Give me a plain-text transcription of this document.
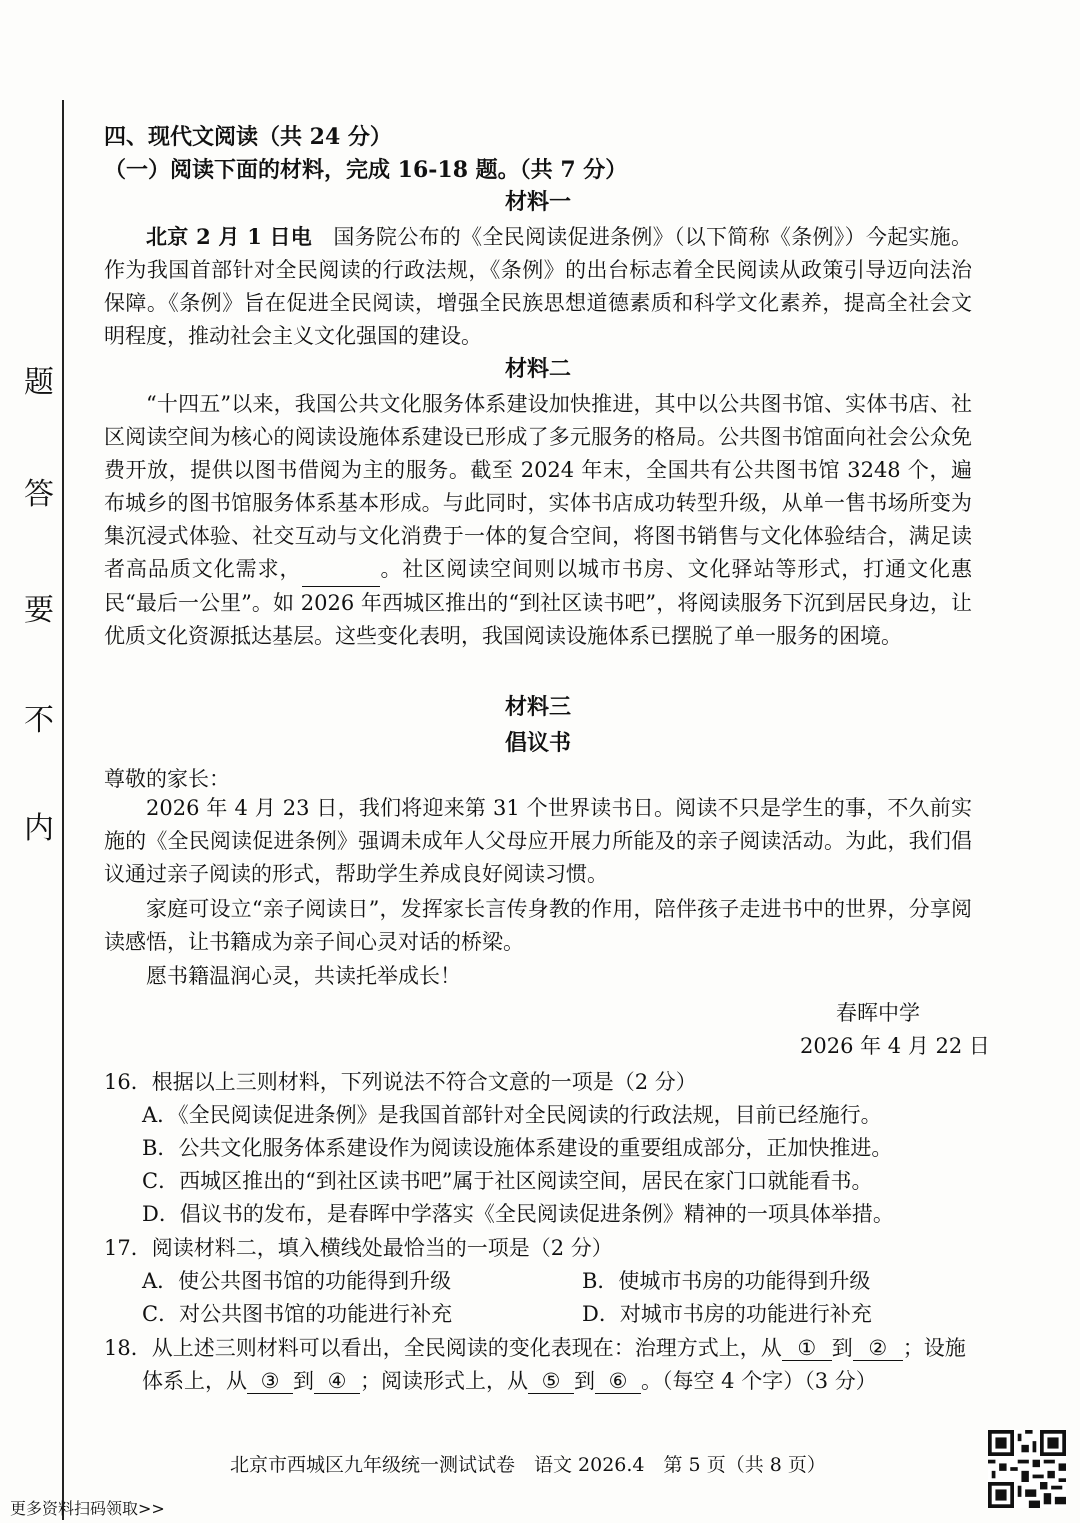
题
答
要
不
内
四、现代文阅读（共 24 分）
（一）阅读下面的材料，完成 16-18 题。（共 7 分）
材料一

北京 2 月 1 日电　 国务院公布的《全民阅读促进条例》（以下简称《条例》）今起实施。作为我国首部针对全民阅读的行政法规，《条例》的出台标志着全民阅读从政策引导迈向法治保障。《条例》旨在促进全民阅读，增强全民族思想道德素质和科学文化素养，提高全社会文明程度，推动社会主义文化强国的建设。

材料二

“十四五”以来，我国公共文化服务体系建设加快推进，其中以公共图书馆、实体书店、社区阅读空间为核心的阅读设施体系建设已形成了多元服务的格局。公共图书馆面向社会公众免费开放，提供以图书借阅为主的服务。截至 2024 年末，全国共有公共图书馆 3248 个，遍布城乡的图书馆服务体系基本形成。与此同时，实体书店成功转型升级，从单一售书场所变为集沉浸式体验、社交互动与文化消费于一体的复合空间，将图书销售与文化体验结合，满足读者高品质文化需求，	。社区阅读空间则以城市书房、文化驿站等形式，打通文化惠民“最后一公里”。如 2026 年西城区推出的“到社区读书吧”，将阅读服务下沉到居民身边，让优质文化资源抵达基层。这些变化表明，我国阅读设施体系已摆脱了单一服务的困境。

材料三
倡议书
尊敬的家长：

2026 年 4 月 23 日，我们将迎来第 31 个世界读书日。阅读不只是学生的事，不久前实施的《全民阅读促进条例》强调未成年人父母应开展力所能及的亲子阅读活动。为此，我们倡议通过亲子阅读的形式，帮助学生养成良好阅读习惯。

家庭可设立“亲子阅读日”，发挥家长言传身教的作用，陪伴孩子走进书中的世界，分享阅读感悟，让书籍成为亲子间心灵对话的桥梁。

愿书籍温润心灵，共读托举成长！

春晖中学
2026 年 4 月 22 日
16．根据以上三则材料，下列说法不符合文意的一项是（2 分）
A．《全民阅读促进条例》是我国首部针对全民阅读的行政法规，目前已经施行。
B．公共文化服务体系建设作为阅读设施体系建设的重要组成部分，正加快推进。
C．西城区推出的“到社区读书吧”属于社区阅读空间，居民在家门口就能看书。
D．倡议书的发布，是春晖中学落实《全民阅读促进条例》精神的一项具体举措。
17．阅读材料二，填入横线处最恰当的一项是（2 分）
A．使公共图书馆的功能得到升级	B．使城市书房的功能得到升级
C．对公共图书馆的功能进行补充	D．对城市书房的功能进行补充
18．从上述三则材料可以看出，全民阅读的变化表现在：治理方式上，从 ① 到 ② ；设施
体系上，从 ③ 到 ④ ；阅读形式上，从 ⑤ 到 ⑥ 。（每空 4 个字）（3 分）
北京市西城区九年级统一测试试卷　语文 2026.4　第 5 页（共 8 页）
更多资料扫码领取>>
